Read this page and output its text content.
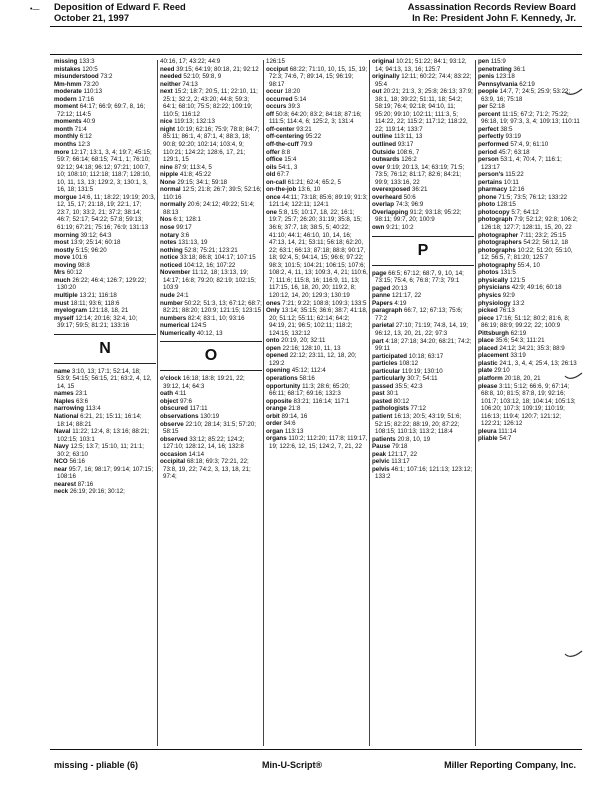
•— Deposition of Edward F. Reed
October 21, 1997
Assassination Records Review Board
In Re: President John F. Kennedy, Jr.
missing 133:3
mistakes 120:5
misunderstood 73:2
Mm-hmm 73:20
moderate 110:13
modern 17:16
moment 64:17; 66:9; 69:7, 8, 16; 72:12; 114:5
moments 40:9
month 71:4
monthly 6:12
months 12:3
more 12:17; 13:1, 3, 4; 19:7; 45:15; 59:7; 66:14; 68:15; 74:1, 1; 76:10; 92:12; 94:18; 96:12; 97:21; 100:7, 10; 108:10; 112:18; 118:7; 128:10, 10, 11, 13, 13; 129:2, 3; 130:1, 3, 16, 18; 131:5
morgue 14:6, 11; 18:22; 19:19; 20:3, 12, 15, 17; 21:18, 19; 22:1, 17; 23:7, 10; 33:2, 21; 37:2; 38:14; 46:7; 52:17; 54:22; 57:8; 59:13; 61:19; 67:21; 75:16; 76:9; 131:13
morning 39:12; 64:3
most 13:9; 25:14; 60:18
mostly 5:15; 96:20
move 101:6
moving 98:8
Mrs 60:12
much 26:22; 46:4; 126:7; 129:22; 130:20
multiple 13:21; 116:18
must 18:11; 93:6; 118:6
myelogram 121:18, 18, 21
myself 12:14; 20:16; 32:4, 10; 39:17; 59:5; 81:21; 133:16
N
name 3:10, 13; 17:1; 52:14, 18; 53:9; 54:15; 56:15, 21; 63:2, 4, 12, 14, 15
names 23:1
Naples 63:6
narrowing 113:4
National 6:21, 21; 15:11; 16:14; 18:14; 88:21
Naval 11:22; 12:4, 8; 13:16; 88:21; 102:15; 103:1
Navy 12:5; 13:7; 15:10, 11; 21:1; 30:2; 63:10
NCO 56:16
near 95:7, 16; 98:17; 99:14; 107:15; 108:16
nearest 87:16
neck 26:19; 29:16; 30:12;
40:16, 17; 43:22; 44:9
need 39:15; 64:19; 80:18, 21; 92:12
needed 52:10; 59:8, 9
neither 74:13
next 15:2; 18:7; 20:5, 11; 22:10, 11; 25:1; 32:2, 2; 43:20; 44:8; 59:3; 64:1; 68:10; 75:5; 82:22; 109:19; 110:5; 116:12
nice 119:13; 132:13
night 10:19; 62:16; 75:9; 78:8; 84:7; 85:11; 86:1, 4; 87:1, 4; 88:3, 18; 90:8; 92:20; 102:14; 103:4, 9; 110:21; 124:22; 128:6, 17, 21; 129:1, 15
nine 87:9; 113:4, 5
nipple 41:8; 45:22
None 29:15; 34:1; 59:18
normal 12:5; 21:8; 26:7; 39:5; 52:16; 110:16
normally 20:6; 24:12; 49:22; 51:4; 88:13
Nos 6:1; 128:1
nose 99:17
notary 3:6
notes 131:13, 19
nothing 52:8; 75:21; 123:21
notice 33:18; 86:8; 104:17; 107:15
noticed 104:12, 16; 107:22
November 11:12, 18; 13:13, 19; 14:17; 16:8; 79:20; 82:19; 102:15; 103:9
nude 24:1
number 50:22; 51:3, 13; 67:12; 68:7; 82:21; 88:20; 120:9; 121:15; 123:15
numbers 82:4; 83:1, 10; 93:16
numerical 124:5
Numerically 40:12, 13
O
o'clock 16:18; 18:8; 19:21, 22; 39:12, 14; 64:3
oath 4:11
object 97:6
obscured 117:11
observations 130:19
observe 22:10; 28:14; 31:5; 57:20; 58:15
observed 33:12; 85:22; 124:2; 127:10; 128:12, 14, 16; 132:8
occasion 14:14
occipital 68:18; 69:3; 72:21, 22; 73:8, 19, 22; 74:2, 3, 13, 18, 21; 97:4;
126:15
occiput 68:22; 71:10, 10, 15, 15, 19; 72:3; 74:6, 7; 89:14, 15; 96:19; 98:17
occur 18:20
occurred 5:14
occurs 39:3
off 50:8; 64:20; 83:2; 84:18; 87:16; 111:5; 114:4, 6; 125:2, 3; 131:4
off-center 93:21
off-centering 95:22
off-the-cuff 79:9
offer 8:8
office 15:4
oils 54:1, 3
old 67:7
on-call 61:21; 62:4; 65:2, 5
on-the-job 13:6, 10
once 44:11; 73:18; 85:6; 89:19; 91:3; 121:14; 122:11; 124:1
one 5:8, 15; 10:17, 18, 22; 16:1; 19:7; 25:7; 26:20; 31:19; 35:8, 15; 36:6; 37:7, 18; 38:5, 5; 40:22; 41:10; 44:1; 46:10, 10, 14, 16; 47:13, 14, 21; 53:11; 56:18; 62:20, 22; 63:1; 66:13; 87:18; 88:8; 90:17, 18; 92:4, 5; 94:14, 15; 96:6; 97:22; 98:3; 101:5; 104:21; 106:15; 107:6; 108:2, 4, 11, 13; 109:3, 4, 21; 110:6, 7; 111:6; 115:8, 16; 116:9, 11, 13; 117:15, 16, 18, 20, 20; 119:2, 8; 120:12, 14, 20; 129:3; 130:19
ones 7:21; 9:22; 108:8; 109:3; 133:5
Only 13:14; 35:15; 36:6; 38:7; 41:18, 20; 51:12; 55:11; 62:14; 64:2; 94:19, 21; 96:5; 102:11; 118:2; 124:15; 132:12
onto 20:19, 20; 32:11
open 22:16; 128:10, 11, 13
opened 22:12; 23:11, 12, 18, 20; 129:2
opening 45:12; 112:4
operations 58:16
opportunity 11:3; 28:6; 65:20; 66:11; 68:17; 69:16; 132:3
opposite 83:21; 116:14; 117:1
orange 21:8
orbit 89:14, 16
order 34:6
organ 113:13
organs 110:2; 112:20; 117:8; 119:17, 19; 122:6, 12, 15; 124:2, 7, 21, 22
original 10:21; 51:22; 84:1; 93:12, 14; 94:13, 13, 16; 125:7
originally 12:11; 60:22; 74:4; 83:22; 95:4
out 20:21; 21:3, 3; 25:8; 26:13; 37:9; 38:1, 18; 39:22; 51:11, 18; 54:2; 58:19; 76:4; 92:18; 94:10, 11; 95:20; 99:10; 102:11; 111:3, 5; 114:22, 22; 115:2; 117:12; 118:22, 22; 119:14; 133:7
outline 113:11, 13
outlined 93:17
Outside 108:6, 7
outwards 126:2
over 9:19; 20:13, 14; 63:19; 71:5; 73:5; 76:12; 81:17; 82:6; 84:21; 99:9; 133:16, 22
overexposed 36:21
overheard 50:6
overlap 74:3; 96:9
Overlapping 91:2; 93:18; 95:22; 98:11; 99:7, 20; 100:9
own 9:21; 10:2
P
page 66:5; 67:12; 68:7, 9, 10, 14; 73:15; 75:4, 6; 76:8; 77:3; 79:1
paged 20:13
panne 121:17, 22
Papers 4:19
paragraph 66:7, 12; 67:13; 75:6; 77:2
parietal 27:10; 71:19; 74:8, 14, 19; 96:12, 13, 20, 21, 22; 97:3
part 4:18; 27:18; 34:20; 68:21; 74:2; 99:11
participated 10:18; 63:17
particles 108:12
particular 119:19; 130:10
particularly 30:7; 54:11
passed 35:5; 42:3
past 30:1
pasted 80:12
pathologists 77:12
patient 16:13; 20:5; 43:19; 51:6; 52:15; 82:22; 88:19, 20; 87:22; 108:15; 110:13; 113:2; 118:4
patients 20:8, 10, 19
Pause 79:18
peak 121:17, 22
pelvic 113:17
pelvis 46:1; 107:16; 121:13; 123:12; 133:2
pen 115:9
penetrating 36:1
penis 123:18
Pennsylvania 62:19
people 14:7, 7; 24:5; 25:9; 53:22; 63:9, 16; 75:18
per 52:18
percent 11:15; 67:2; 71:2; 75:22; 96:18, 19; 97:3, 3, 4; 109:13; 110:11
perfect 38:5
perfectly 93:19
performed 57:4, 9; 61:10
period 45:7; 63:18
person 53:1, 4; 70:4, 7; 116:1; 123:17
person's 115:22
pertains 10:11
pharmacy 12:16
phone 71:5; 73:5; 76:12; 133:22
photo 128:15
photocopy 5:7; 64:12
photograph 7:9; 52:12; 92:8; 106:2; 126:18; 127:7; 128:11, 15, 20, 22
photographer 7:11; 23:2; 25:15
photographers 54:22; 56:12, 18
photographs 10:22; 51:20; 55:10, 12; 56:5, 7; 81:20; 125:7
photography 55:4, 10
photos 131:5
physically 121:5
physicians 42:9; 49:16; 60:18
physics 92:9
physiology 13:2
picked 76:13
piece 17:16; 51:12; 80:2; 81:6, 8; 86:19; 88:9; 99:22; 22; 100:9
Pittsburgh 62:19
place 35:6; 54:3; 111:21
placed 24:12; 34:21; 35:3; 88:9
placement 33:19
plastic 24:1, 3, 4, 4; 25:4, 13; 26:13
plate 29:10
platform 20:18, 20, 21
please 3:11; 5:12; 66:6, 9; 67:14; 68:8, 10; 81:5; 87:8, 19; 92:16; 101:7; 103:12, 18; 104:14; 105:13; 106:20; 107:3; 109:19; 110:19; 116:13; 119:4; 120:7; 121:12; 122:21; 126:12
pleura 111:14
pliable 54:7
missing - pliable (6)	Min-U-Script®	Miller Reporting Company, Inc.
